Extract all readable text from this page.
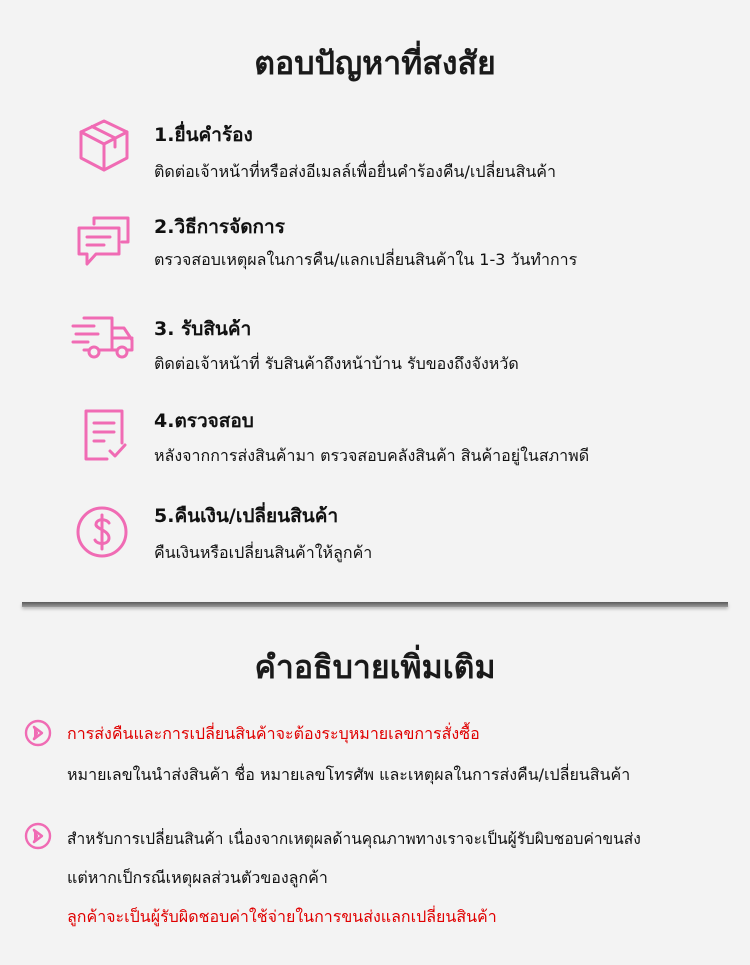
ตอบปัญหาที่สงสัย
1.ยื่นคำร้อง
ติดต่อเจ้าหน้าที่หรือส่งอีเมลล์เพื่อยื่นคำร้องคืน/เปลี่ยนสินค้า
2.วิธีการจัดการ
ตรวจสอบเหตุผลในการคืน/แลกเปลี่ยนสินค้าใน 1-3 วันทำการ
3. รับสินค้า
ติดต่อเจ้าหน้าที่ รับสินค้าถึงหน้าบ้าน รับของถึงจังหวัด
4.ตรวจสอบ
หลังจากการส่งสินค้ามา ตรวจสอบคลังสินค้า สินค้าอยู่ในสภาพดี
5.คืนเงิน/เปลี่ยนสินค้า
คืนเงินหรือเปลี่ยนสินค้าให้ลูกค้า
คำอธิบายเพิ่มเติม
การส่งคืนและการเปลี่ยนสินค้าจะต้องระบุหมายเลขการสั่งซื้อ
หมายเลขในนำส่งสินค้า ชื่อ หมายเลขโทรศัพ และเหตุผลในการส่งคืน/เปลี่ยนสินค้า
สำหรับการเปลี่ยนสินค้า เนื่องจากเหตุผลด้านคุณภาพทางเราจะเป็นผู้รับผิบชอบค่าขนส่ง
แต่หากเป็กรณีเหตุผลส่วนตัวของลูกค้า
ลูกค้าจะเป็นผู้รับผิดชอบค่าใช้จ่ายในการขนส่งแลกเปลี่ยนสินค้า
